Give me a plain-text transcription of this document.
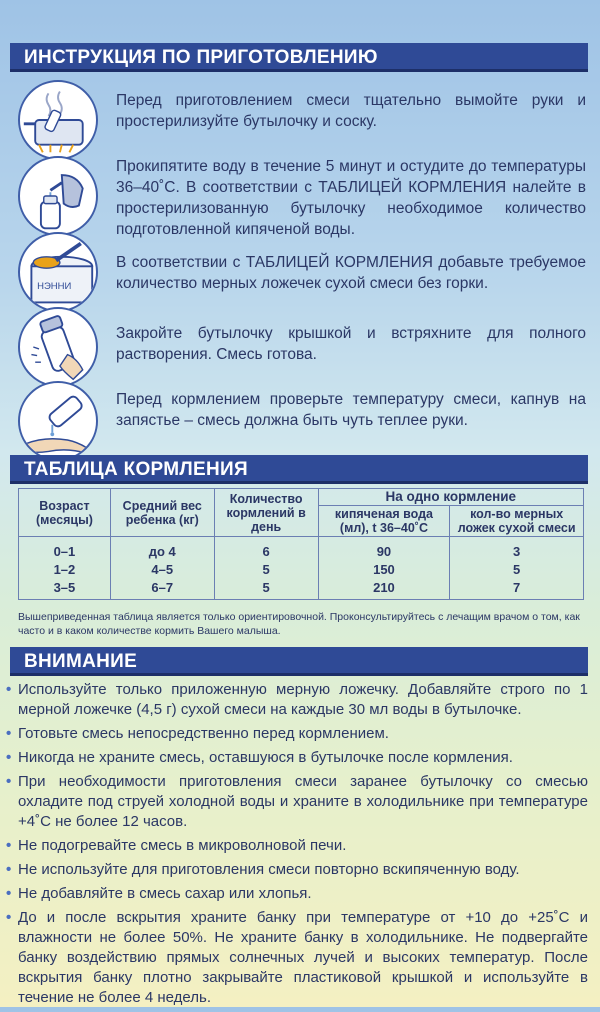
ИНСТРУКЦИЯ ПО ПРИГОТОВЛЕНИЮ
Перед приготовлением смеси тщательно вымойте руки и простерилизуйте бутылочку и соску.
Прокипятите воду в течение 5 минут и остудите до температуры 36–40˚С. В соответствии с ТАБЛИЦЕЙ КОРМЛЕНИЯ налейте в простерилизованную бутылочку необходимое количество подготовленной кипяченой воды.
НЭННИ
В соответствии с ТАБЛИЦЕЙ КОРМЛЕНИЯ добавьте требуемое количество мерных ложечек сухой смеси без горки.
Закройте бутылочку крышкой и встряхните для полного растворения. Смесь готова.
Перед кормлением проверьте температуру смеси, капнув на запястье – смесь должна быть чуть теплее руки.
ТАБЛИЦА КОРМЛЕНИЯ
Возраст (месяцы)	Средний вес ребенка (кг)	Количество кормлений в день	На одно кормление	
			кипяченая вода (мл), t 36–40˚С	кол-во мерных ложек сухой смеси
0–1	до 4	6	90	3
1–2	4–5	5	150	5
3–5	6–7	5	210	7
Вышеприведенная таблица является только ориентировочной. Проконсультируйтесь с лечащим врачом о том, как часто и в каком количестве кормить Вашего малыша.
ВНИМАНИЕ
• Используйте только приложенную мерную ложечку. Добавляйте строго по 1 мерной ложечке (4,5 г) сухой смеси на каждые 30 мл воды в бутылочке.
• Готовьте смесь непосредственно перед кормлением.
• Никогда не храните смесь, оставшуюся в бутылочке после кормления.
• При необходимости приготовления смеси заранее бутылочку со смесью охладите под струей холодной воды и храните в холодильнике при температуре +4˚С не более 12 часов.
• Не подогревайте смесь в микроволновой печи.
• Не используйте для приготовления смеси повторно вскипяченную воду.
• Не добавляйте в смесь сахар или хлопья.
• До и после вскрытия храните банку при температуре от +10 до +25˚С и влажности не более 50%. Не храните банку в холодильнике. Не подвергайте банку воздействию прямых солнечных лучей и высоких температур. После вскрытия банку плотно закрывайте пластиковой крышкой и используйте в течение не более 4 недель.
